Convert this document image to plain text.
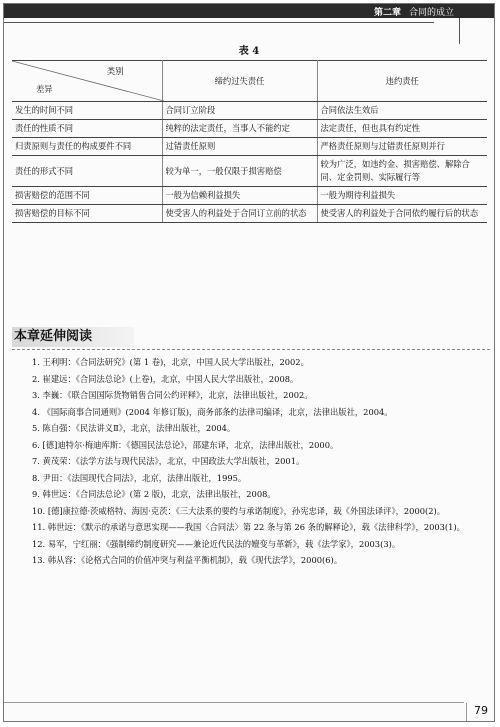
第二章 合同的成立
表 4
类别
差异	缔约过失责任	违约责任
发生的时间不同	合同订立阶段	合同依法生效后
责任的性质不同	纯粹的法定责任，当事人不能约定	法定责任，但也具有约定性
归责原则与责任的构成要件不同	过错责任原则	严格责任原则与过错责任原则并行
责任的形式不同	较为单一，一般仅限于损害赔偿	较为广泛，如违约金、损害赔偿、解除合同、定金罚则、实际履行等
损害赔偿的范围不同	一般为信赖利益损失	一般为期待利益损失
损害赔偿的目标不同	使受害人的利益处于合同订立前的状态	使受害人的利益处于合同依约履行后的状态
本章延伸阅读

1. 王利明：《合同法研究》(第 1 卷)，北京，中国人民大学出版社，2002。

2. 崔建远：《合同法总论》(上卷)，北京，中国人民大学出版社，2008。

3. 李巍：《联合国国际货物销售合同公约评释》，北京，法律出版社，2002。

4. 《国际商事合同通则》(2004 年修订版)，商务部条约法律司编译，北京，法律出版社，2004。

5. 陈自强：《民法讲义Ⅱ》，北京，法律出版社，2004。

6. [德]迪特尔·梅迪库斯：《德国民法总论》，邵建东译，北京，法律出版社，2000。

7. 黄茂荣：《法学方法与现代民法》，北京，中国政法大学出版社，2001。

8. 尹田：《法国现代合同法》，北京，法律出版社，1995。

9. 韩世远：《合同法总论》(第 2 版)，北京，法律出版社，2008。

10. [德]康拉德·茨威格特、海因·克茨：《三大法系的要约与承诺制度》，孙宪忠译，载《外国法译评》，2000(2)。

11. 韩世远：《默示的承诺与意思实现——我国〈合同法〉第 22 条与第 26 条的解释论》，载《法律科学》，2003(1)。

12. 易军，宁红丽：《强制缔约制度研究——兼论近代民法的嬗变与革新》，载《法学家》，2003(3)。

13. 韩从容：《论格式合同的价值冲突与利益平衡机制》，载《现代法学》，2000(6)。

79
